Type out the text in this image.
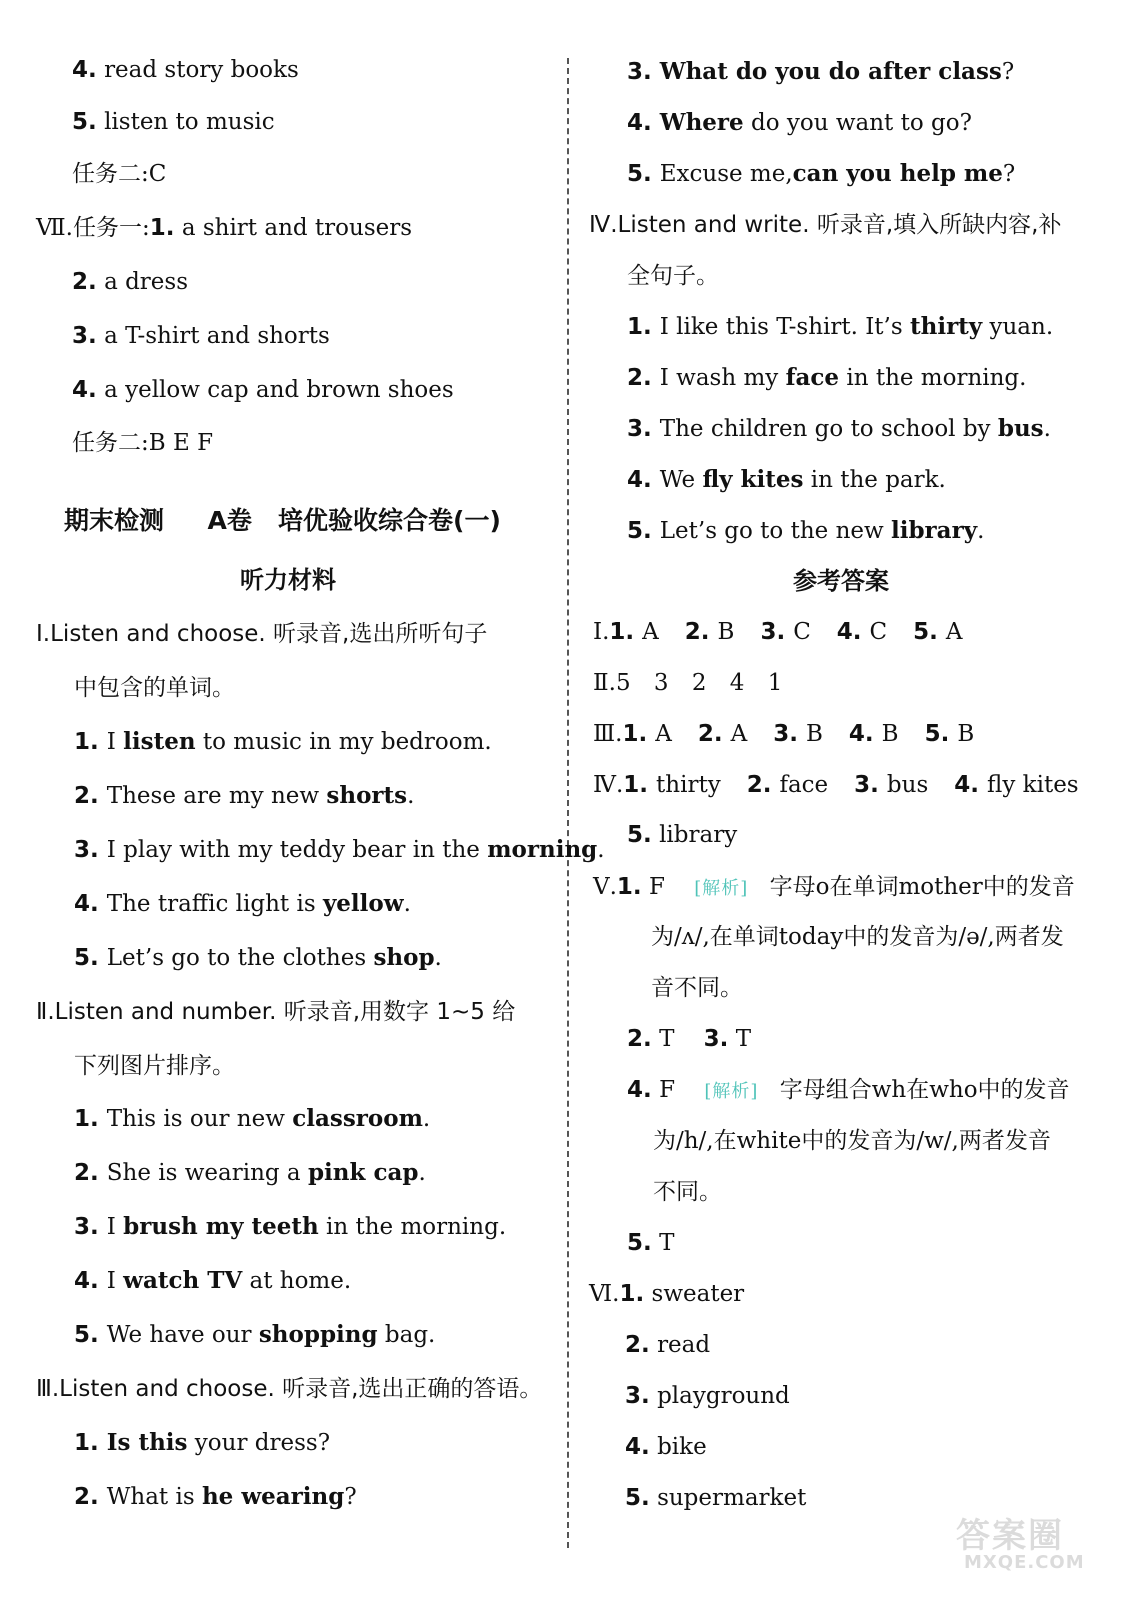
4. read story books
5. listen to music
任务二:C
Ⅶ.任务一:1. a shirt and trousers
2. a dress
3. a T-shirt and shorts
4. a yellow cap and brown shoes
任务二:B E F
期末检测 A卷 培优验收综合卷(一)
听力材料
Ⅰ.Listen and choose. 听录音,选出所听句子
中包含的单词。
1. I listen to music in my bedroom.
2. These are my new shorts.
3. I play with my teddy bear in the morning.
4. The traffic light is yellow.
5. Let’s go to the clothes shop.
Ⅱ.Listen and number. 听录音,用数字 1~5 给
下列图片排序。
1. This is our new classroom.
2. She is wearing a pink cap.
3. I brush my teeth in the morning.
4. I watch TV at home.
5. We have our shopping bag.
Ⅲ.Listen and choose. 听录音,选出正确的答语。
1. Is this your dress?
2. What is he wearing?
3. What do you do after class?
4. Where do you want to go?
5. Excuse me,can you help me?
Ⅳ.Listen and write. 听录音,填入所缺内容,补
全句子。
1. I like this T-shirt. It’s thirty yuan.
2. I wash my face in the morning.
3. The children go to school by bus.
4. We fly kites in the park.
5. Let’s go to the new library.
参考答案
Ⅰ.1. A 2. B 3. C 4. C 5. A
Ⅱ.5 3 2 4 1
Ⅲ.1. A 2. A 3. B 4. B 5. B
Ⅳ.1. thirty 2. face 3. bus 4. fly kites
5. library
Ⅴ.1. F [解析] 字母o在单词mother中的发音
为/ʌ/,在单词today中的发音为/ə/,两者发
音不同。
2. T 3. T
4. F [解析] 字母组合wh在who中的发音
为/h/,在white中的发音为/w/,两者发音
不同。
5. T
Ⅵ.1. sweater
2. read
3. playground
4. bike
5. supermarket
答案圈
MXQE.COM
